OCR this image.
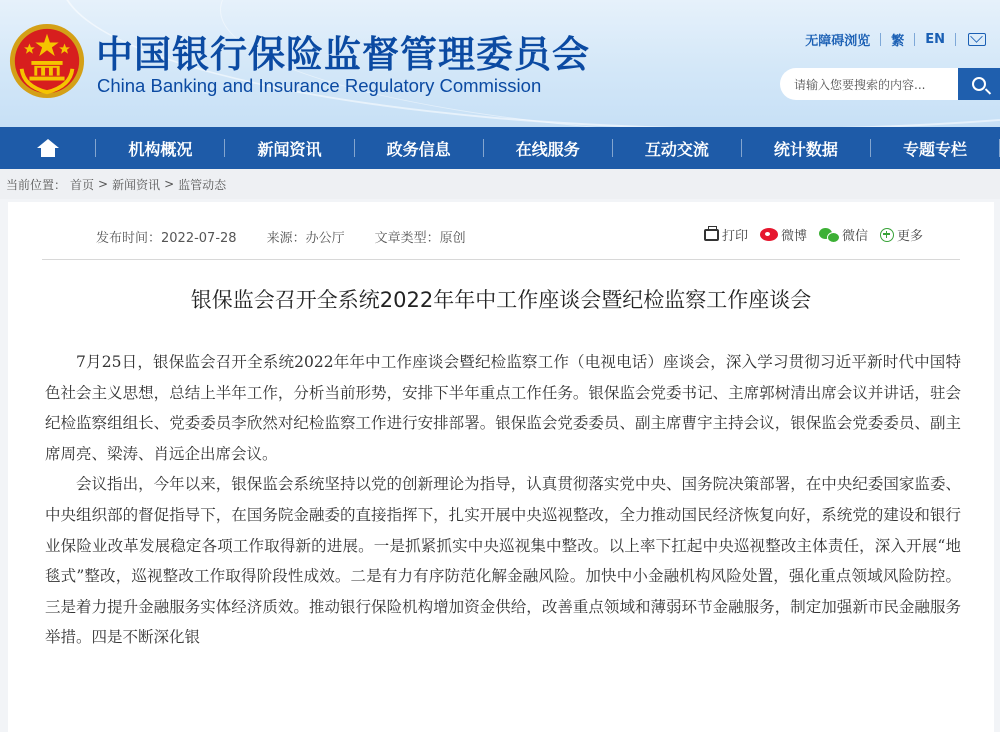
中国银行保险监督管理委员会
China Banking and Insurance Regulatory Commission
无障碍浏览	繁	EN
请输入您要搜索的内容...
机构概况	新闻资讯	政务信息	在线服务	互动交流	统计数据	专题专栏
当前位置： 首页 > 新闻资讯 > 监管动态
发布时间：2022-07-28 来源：办公厅 文章类型：原创	打印	微博	微信 更多
银保监会召开全系统2022年年中工作座谈会暨纪检监察工作座谈会

7月25日，银保监会召开全系统2022年年中工作座谈会暨纪检监察工作（电视电话）座谈会，深入学习贯彻习近平新时代中国特色社会主义思想，总结上半年工作，分析当前形势，安排下半年重点工作任务。银保监会党委书记、主席郭树清出席会议并讲话，驻会纪检监察组组长、党委委员李欣然对纪检监察工作进行安排部署。银保监会党委委员、副主席曹宇主持会议，银保监会党委委员、副主席周亮、梁涛、肖远企出席会议。

会议指出，今年以来，银保监会系统坚持以党的创新理论为指导，认真贯彻落实党中央、国务院决策部署，在中央纪委国家监委、中央组织部的督促指导下，在国务院金融委的直接指挥下，扎实开展中央巡视整改，全力推动国民经济恢复向好，系统党的建设和银行业保险业改革发展稳定各项工作取得新的进展。一是抓紧抓实中央巡视集中整改。以上率下扛起中央巡视整改主体责任，深入开展“地毯式”整改，巡视整改工作取得阶段性成效。二是有力有序防范化解金融风险。加快中小金融机构风险处置，强化重点领域风险防控。三是着力提升金融服务实体经济质效。推动银行保险机构增加资金供给，改善重点领域和薄弱环节金融服务，制定加强新市民金融服务举措。四是不断深化银
